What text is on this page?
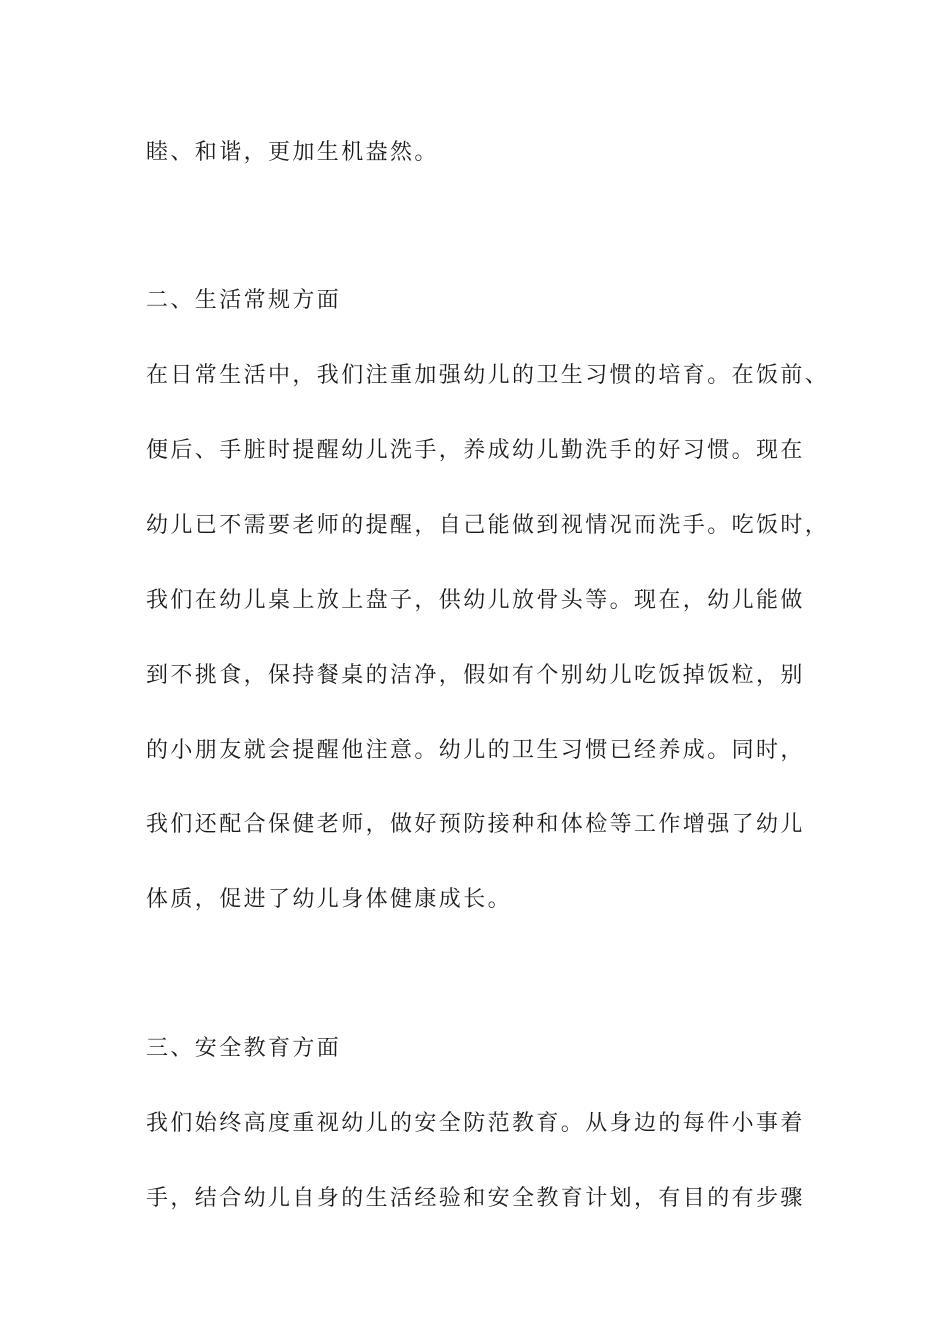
睦、和谐，更加生机盎然。
二、生活常规方面
在日常生活中，我们注重加强幼儿的卫生习惯的培育。在饭前、
便后、手脏时提醒幼儿洗手，养成幼儿勤洗手的好习惯。现在
幼儿已不需要老师的提醒，自己能做到视情况而洗手。吃饭时，
我们在幼儿桌上放上盘子，供幼儿放骨头等。现在，幼儿能做
到不挑食，保持餐桌的洁净，假如有个别幼儿吃饭掉饭粒，别
的小朋友就会提醒他注意。幼儿的卫生习惯已经养成。同时，
我们还配合保健老师，做好预防接种和体检等工作增强了幼儿
体质，促进了幼儿身体健康成长。
三、安全教育方面
我们始终高度重视幼儿的安全防范教育。从身边的每件小事着
手，结合幼儿自身的生活经验和安全教育计划，有目的有步骤
